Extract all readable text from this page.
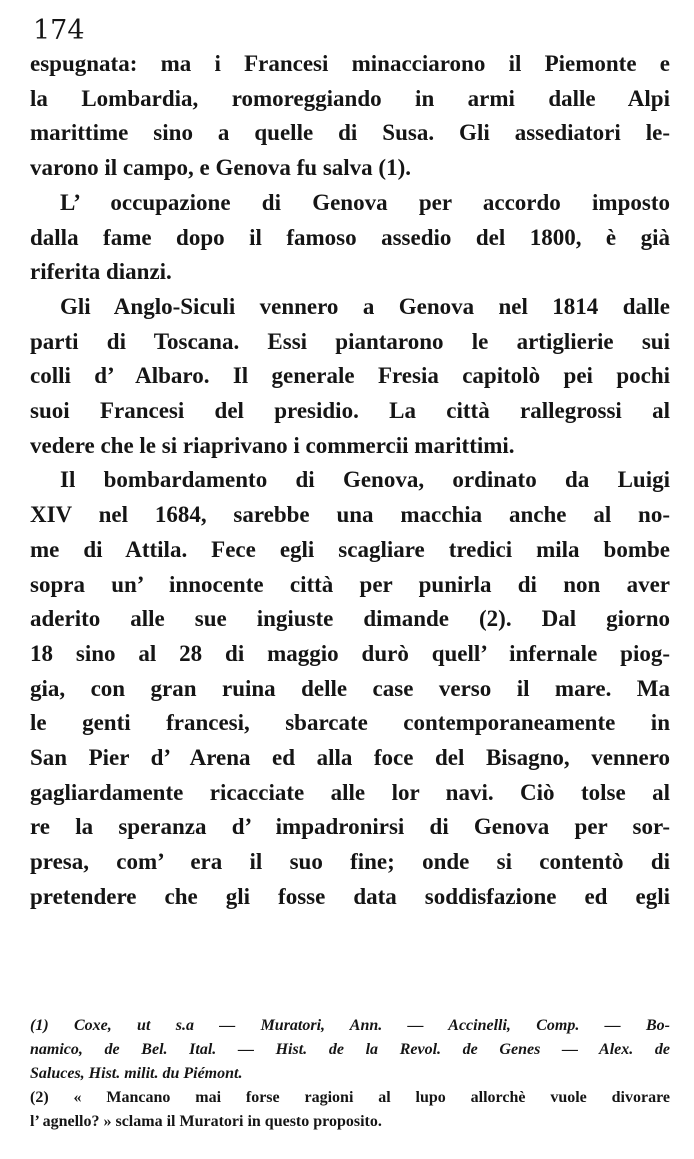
174
espugnata: ma i Francesi minacciarono il Piemonte e
la Lombardia, romoreggiando in armi dalle Alpi
marittime sino a quelle di Susa. Gli assediatori le-
varono il campo, e Genova fu salva (1).
L’ occupazione di Genova per accordo imposto
dalla fame dopo il famoso assedio del 1800, è già
riferita dianzi.
Gli Anglo-Siculi vennero a Genova nel 1814 dalle
parti di Toscana. Essi piantarono le artiglierie sui
colli d’ Albaro. Il generale Fresia capitolò pei pochi
suoi Francesi del presidio. La città rallegrossi al
vedere che le si riaprivano i commercii marittimi.
Il bombardamento di Genova, ordinato da Luigi
XIV nel 1684, sarebbe una macchia anche al no-
me di Attila. Fece egli scagliare tredici mila bombe
sopra un’ innocente città per punirla di non aver
aderito alle sue ingiuste dimande (2). Dal giorno
18 sino al 28 di maggio durò quell’ infernale piog-
gia, con gran ruina delle case verso il mare. Ma
le genti francesi, sbarcate contemporaneamente in
San Pier d’ Arena ed alla foce del Bisagno, vennero
gagliardamente ricacciate alle lor navi. Ciò tolse al
re la speranza d’ impadronirsi di Genova per sor-
presa, com’ era il suo fine; onde si contentò di
pretendere che gli fosse data soddisfazione ed egli
(1) Coxe, ut s.a — Muratori, Ann. — Accinelli, Comp. — Bo-
namico, de Bel. Ital. — Hist. de la Revol. de Genes — Alex. de
Saluces, Hist. milit. du Piémont.
(2) « Mancano mai forse ragioni al lupo allorchè vuole divorare
l’ agnello? » sclama il Muratori in questo proposito.
